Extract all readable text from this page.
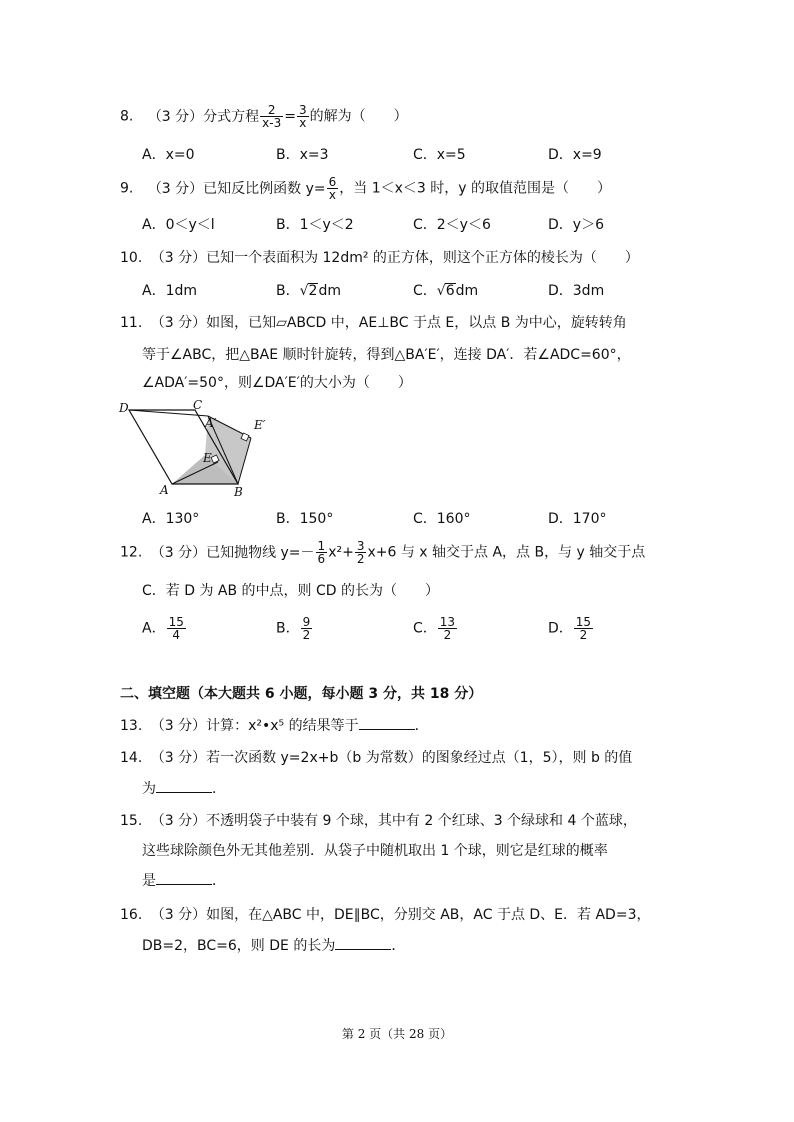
8. （3 分）分式方程 $\frac{2}{x-3} = \frac{3}{x}$ 的解为（　　）
A．x=0	B．x=3	C．x=5	D．x=9
9. （3 分）已知反比例函数 $y= \frac{6}{x}$ ，当 1＜x＜3 时，y 的取值范围是（　　）
A．0＜y＜l	B．1＜y＜2	C．2＜y＜6	D．y＞6
10. （3 分）已知一个表面积为 12dm² 的正方体，则这个正方体的棱长为（　　）
A．1dm	B．√2dm	C．√6dm	D．3dm
11. （3 分）如图，已知▱ABCD 中，AE⊥BC 于点 E，以点 B 为中心，旋转转角
等于∠ABC，把△BAE 顺时针旋转，得到△BA′E′，连接 DA′．若∠ADC=60°，
∠ADA′=50°，则∠DA′E′的大小为（　　）
D	C
A′	E′
E
A	B
A．130°	B．150°	C．160°	D．170°
12. （3 分）已知抛物线 $y=- \frac{1}{6} x^2+ \frac{3}{2} x+6$ 与 x 轴交于点 A，点 B，与 y 轴交于点
C．若 D 为 AB 的中点，则 CD 的长为（　　）
A． $\frac{15}{4}$	B． $\frac{9}{2}$	C． $\frac{13}{2}$	D． $\frac{15}{2}$
二、填空题（本大题共 6 小题，每小题 3 分，共 18 分）
13. （3 分）计算：x²•x⁵ 的结果等于	．
14. （3 分）若一次函数 y=2x+b（b 为常数）的图象经过点（1，5），则 b 的值
为	．
15. （3 分）不透明袋子中装有 9 个球，其中有 2 个红球、3 个绿球和 4 个蓝球，
这些球除颜色外无其他差别．从袋子中随机取出 1 个球，则它是红球的概率
是	．
16. （3 分）如图，在△ABC 中，DE∥BC，分别交 AB，AC 于点 D、E．若 AD=3，
DB=2，BC=6，则 DE 的长为	．
第 2 页（共 28 页）
